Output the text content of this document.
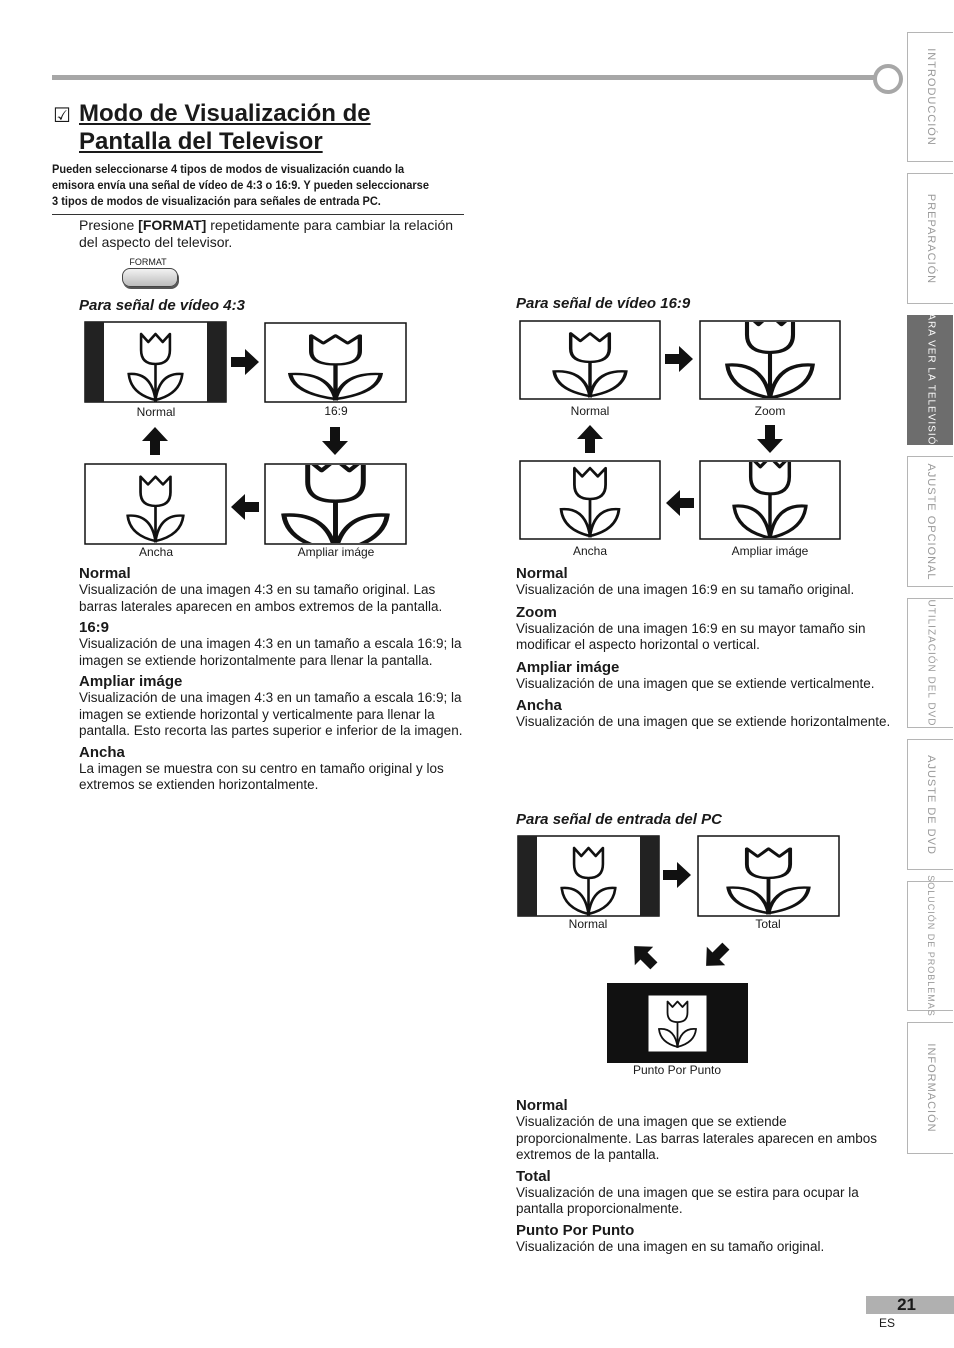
INTRODUCCIÓN
PREPARACIÓN
PARA VER LA TELEVISIÓN
AJUSTE OPCIONAL
UTILIZACIÓN DEL DVD
AJUSTE DE DVD
SOLUCIÓN DE PROBLEMAS
INFORMACIÓN
☑ Modo de Visualización de
Pantalla del Televisor
Pueden seleccionarse 4 tipos de modos de visualización cuando la emisora envía una señal de vídeo de 4:3 o 16:9. Y pueden seleccionarse 3 tipos de modos de visualización para señales de entrada PC.
Presione [FORMAT] repetidamente para cambiar la relación del aspecto del televisor.
FORMAT
Para señal de vídeo 4:3
Normal	16:9
Ancha	Ampliar imáge
Normal
Visualización de una imagen 4:3 en su tamaño original. Las barras laterales aparecen en ambos extremos de la pantalla.
16:9
Visualización de una imagen 4:3 en un tamaño a escala 16:9; la imagen se extiende horizontalmente para llenar la pantalla.
Ampliar imáge
Visualización de una imagen 4:3 en un tamaño a escala 16:9; la imagen se extiende horizontal y verticalmente para llenar la pantalla. Esto recorta las partes superior e inferior de la imagen.
Ancha
La imagen se muestra con su centro en tamaño original y los extremos se extienden horizontalmente.
Para señal de vídeo 16:9
Normal	Zoom
Ancha	Ampliar imáge
Normal
Visualización de una imagen 16:9 en su tamaño original.
Zoom
Visualización de una imagen 16:9 en su mayor tamaño sin modificar el aspecto horizontal o vertical.
Ampliar imáge
Visualización de una imagen que se extiende verticalmente.
Ancha
Visualización de una imagen que se extiende horizontalmente.
Para señal de entrada del PC
Normal	Total
Punto Por Punto
Normal
Visualización de una imagen que se extiende proporcionalmente. Las barras laterales aparecen en ambos extremos de la pantalla.
Total
Visualización de una imagen que se estira para ocupar la pantalla proporcionalmente.
Punto Por Punto
Visualización de una imagen en su tamaño original.
21
ES
